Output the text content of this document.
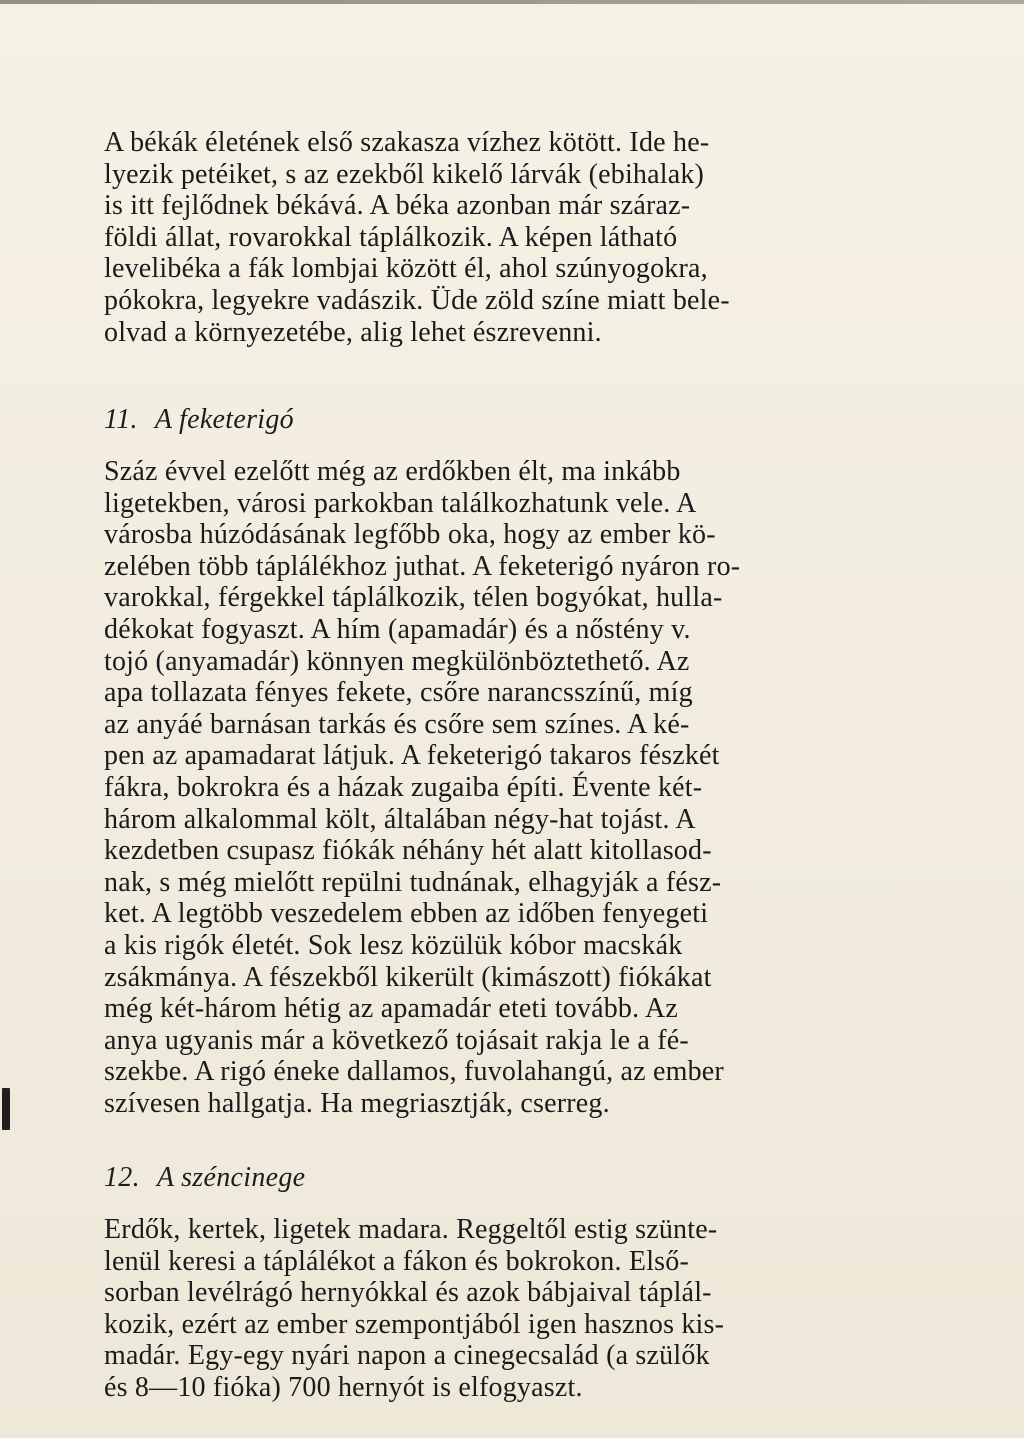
A békák életének első szakasza vízhez kötött. Ide he-
lyezik petéiket, s az ezekből kikelő lárvák (ebihalak)
is itt fejlődnek békává. A béka azonban már száraz-
földi állat, rovarokkal táplálkozik. A képen látható
levelibéka a fák lombjai között él, ahol szúnyogokra,
pókokra, legyekre vadászik. Üde zöld színe miatt bele-
olvad a környezetébe, alig lehet észrevenni.
11. A feketerigó
Száz évvel ezelőtt még az erdőkben élt, ma inkább
ligetekben, városi parkokban találkozhatunk vele. A
városba húzódásának legfőbb oka, hogy az ember kö-
zelében több táplálékhoz juthat. A feketerigó nyáron ro-
varokkal, férgekkel táplálkozik, télen bogyókat, hulla-
dékokat fogyaszt. A hím (apamadár) és a nőstény v.
tojó (anyamadár) könnyen megkülönböztethető. Az
apa tollazata fényes fekete, csőre narancsszínű, míg
az anyáé barnásan tarkás és csőre sem színes. A ké-
pen az apamadarat látjuk. A feketerigó takaros fészkét
fákra, bokrokra és a házak zugaiba építi. Évente két-
három alkalommal költ, általában négy-hat tojást. A
kezdetben csupasz fiókák néhány hét alatt kitollasod-
nak, s még mielőtt repülni tudnának, elhagyják a fész-
ket. A legtöbb veszedelem ebben az időben fenyegeti
a kis rigók életét. Sok lesz közülük kóbor macskák
zsákmánya. A fészekből kikerült (kimászott) fiókákat
még két-három hétig az apamadár eteti tovább. Az
anya ugyanis már a következő tojásait rakja le a fé-
szekbe. A rigó éneke dallamos, fuvolahangú, az ember
szívesen hallgatja. Ha megriasztják, cserreg.
12. A széncinege
Erdők, kertek, ligetek madara. Reggeltől estig szünte-
lenül keresi a táplálékot a fákon és bokrokon. Első-
sorban levélrágó hernyókkal és azok bábjaival táplál-
kozik, ezért az ember szempontjából igen hasznos kis-
madár. Egy-egy nyári napon a cinegecsalád (a szülők
és 8—10 fióka) 700 hernyót is elfogyaszt.
